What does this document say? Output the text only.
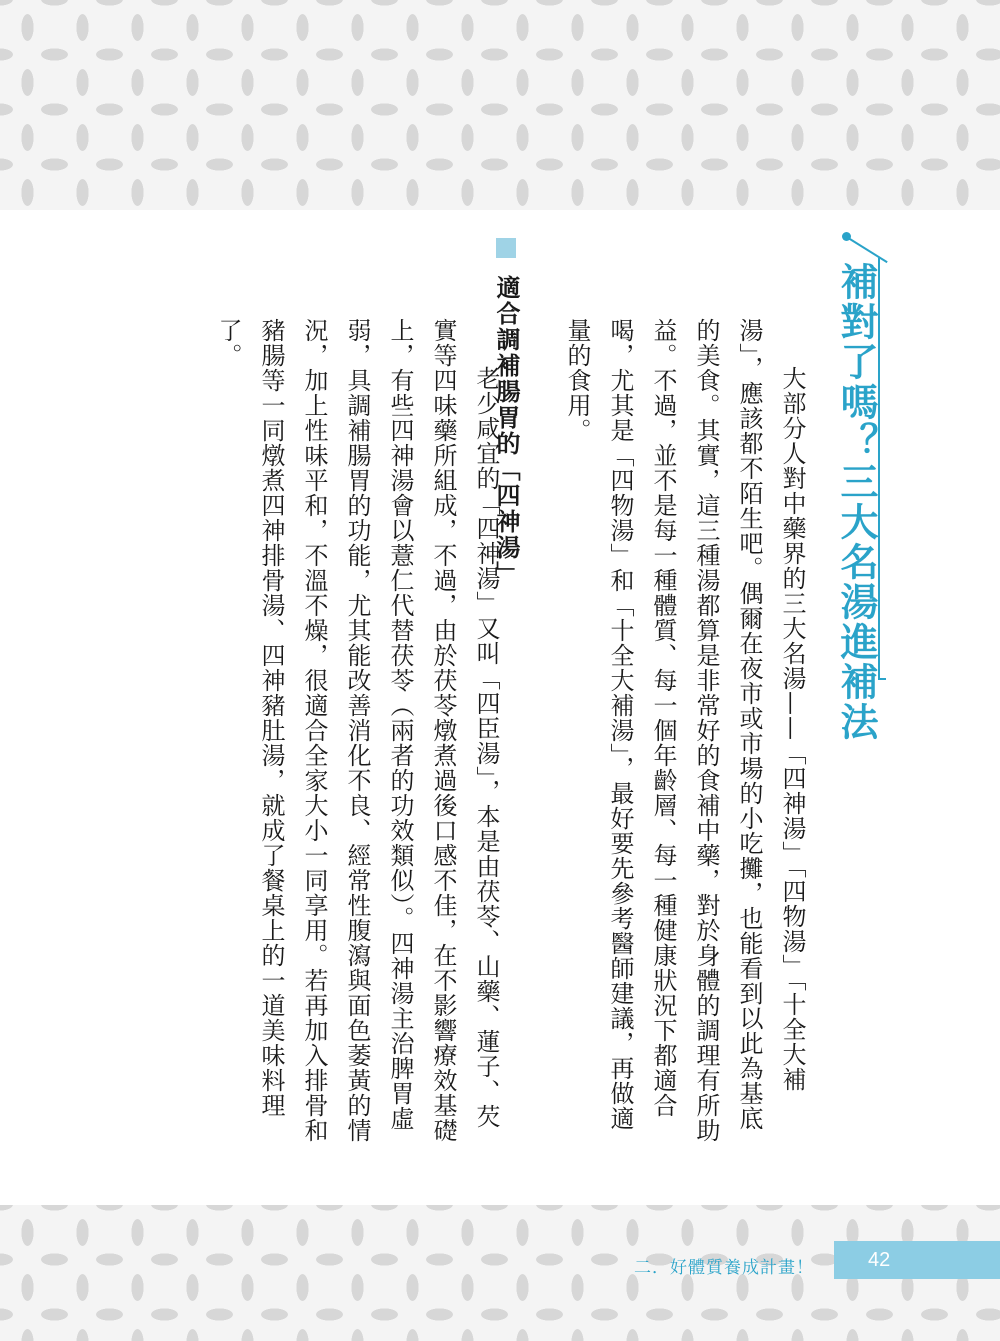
補對了嗎？三大名湯進補法

大部分人對中藥界的三大名湯——「四神湯」「四物湯」「十全大補湯」，應該都不陌生吧。偶爾在夜市或市場的小吃攤，也能看到以此為基底的美食。其實，這三種湯都算是非常好的食補中藥，對於身體的調理有所助益。不過，並不是每一種體質、每一個年齡層、每一種健康狀況下都適合喝，尤其是「四物湯」和「十全大補湯」，最好要先參考醫師建議，再做適量的食用。

適合調補腸胃的「四神湯」

老少咸宜的「四神湯」又叫「四臣湯」，本是由茯苓、山藥、蓮子、芡實等四味藥所組成，不過，由於茯苓燉煮過後口感不佳，在不影響療效基礎上，有些四神湯會以薏仁代替茯苓（兩者的功效類似）。四神湯主治脾胃虛弱，具調補腸胃的功能，尤其能改善消化不良、經常性腹瀉與面色萎黃的情況，加上性味平和，不溫不燥，很適合全家大小一同享用。若再加入排骨和豬腸等一同燉煮四神排骨湯、四神豬肚湯，就成了餐桌上的一道美味料理了。

二．好體質養成計畫！	42
